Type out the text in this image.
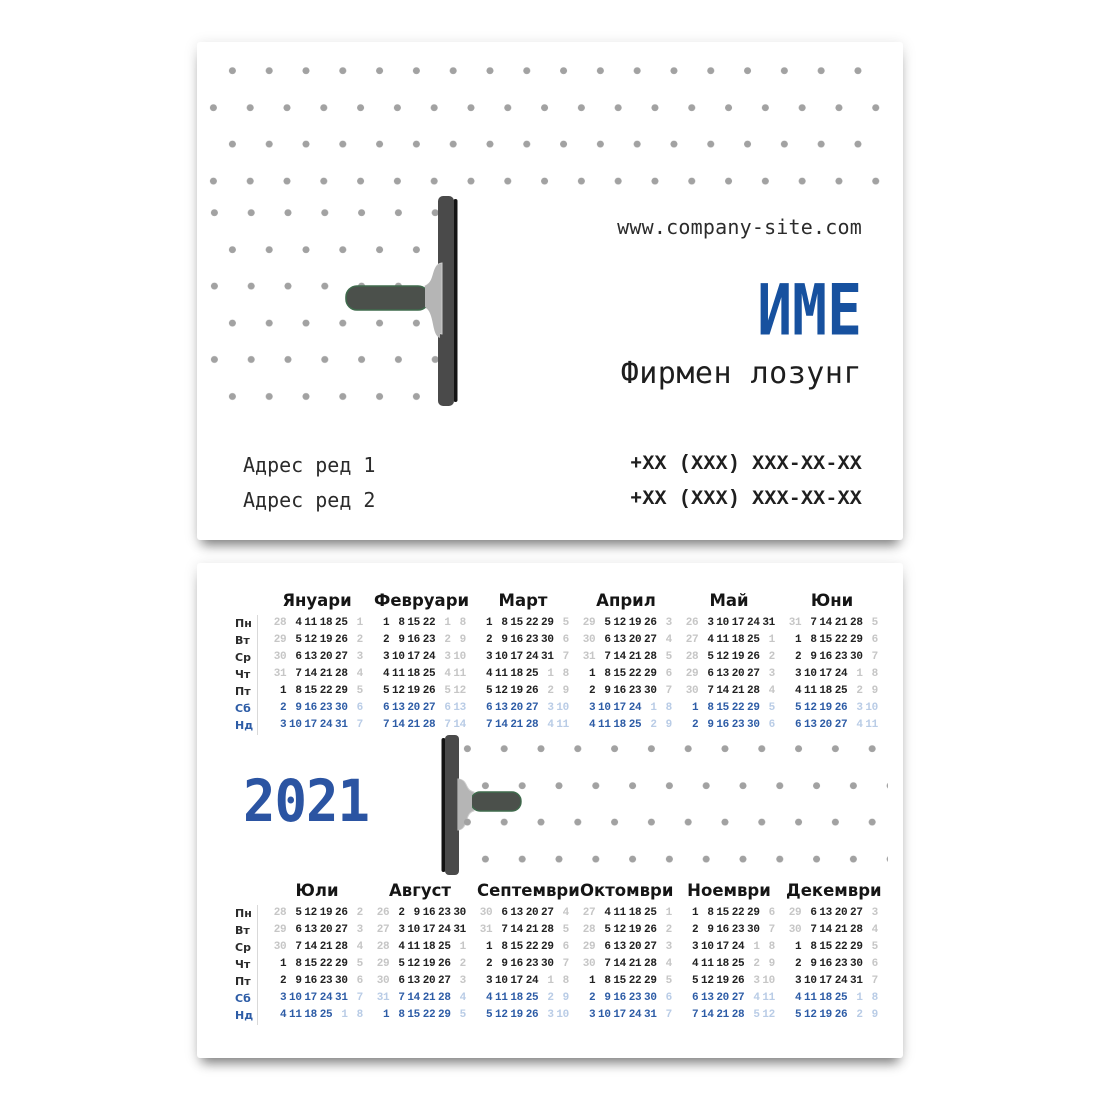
www.company-site.com
ИМЕ
Фирмен лозунг
Адрес ред 1
Адрес ред 2
+XX (XXX) XXX-XX-XX
+XX (XXX) XXX-XX-XX
Пн
Вт
Ср
Чт
Пт
Сб
Нд
Януари
28 4 11 18 25 1
29 5 12 19 26 2
30 6 13 20 27 3
31 7 14 21 28 4
1 8 15 22 29 5
2 9 16 23 30 6
3 10 17 24 31 7
Февруари
1 8 15 22 1 8
2 9 16 23 2 9
3 10 17 24 3 10
4 11 18 25 4 11
5 12 19 26 5 12
6 13 20 27 6 13
7 14 21 28 7 14
Март
1 8 15 22 29 5
2 9 16 23 30 6
3 10 17 24 31 7
4 11 18 25 1 8
5 12 19 26 2 9
6 13 20 27 3 10
7 14 21 28 4 11
Април
29 5 12 19 26 3
30 6 13 20 27 4
31 7 14 21 28 5
1 8 15 22 29 6
2 9 16 23 30 7
3 10 17 24 1 8
4 11 18 25 2 9
Май
26 3 10 17 24 31
27 4 11 18 25 1
28 5 12 19 26 2
29 6 13 20 27 3
30 7 14 21 28 4
1 8 15 22 29 5
2 9 16 23 30 6
Юни
31 7 14 21 28 5
1 8 15 22 29 6
2 9 16 23 30 7
3 10 17 24 1 8
4 11 18 25 2 9
5 12 19 26 3 10
6 13 20 27 4 11
2021
Пн
Вт
Ср
Чт
Пт
Сб
Нд
Юли
28 5 12 19 26 2
29 6 13 20 27 3
30 7 14 21 28 4
1 8 15 22 29 5
2 9 16 23 30 6
3 10 17 24 31 7
4 11 18 25 1 8
Август
26 2 9 16 23 30
27 3 10 17 24 31
28 4 11 18 25 1
29 5 12 19 26 2
30 6 13 20 27 3
31 7 14 21 28 4
1 8 15 22 29 5
Септември
30 6 13 20 27 4
31 7 14 21 28 5
1 8 15 22 29 6
2 9 16 23 30 7
3 10 17 24 1 8
4 11 18 25 2 9
5 12 19 26 3 10
Октомври
27 4 11 18 25 1
28 5 12 19 26 2
29 6 13 20 27 3
30 7 14 21 28 4
1 8 15 22 29 5
2 9 16 23 30 6
3 10 17 24 31 7
Ноември
1 8 15 22 29 6
2 9 16 23 30 7
3 10 17 24 1 8
4 11 18 25 2 9
5 12 19 26 3 10
6 13 20 27 4 11
7 14 21 28 5 12
Декември
29 6 13 20 27 3
30 7 14 21 28 4
1 8 15 22 29 5
2 9 16 23 30 6
3 10 17 24 31 7
4 11 18 25 1 8
5 12 19 26 2 9
